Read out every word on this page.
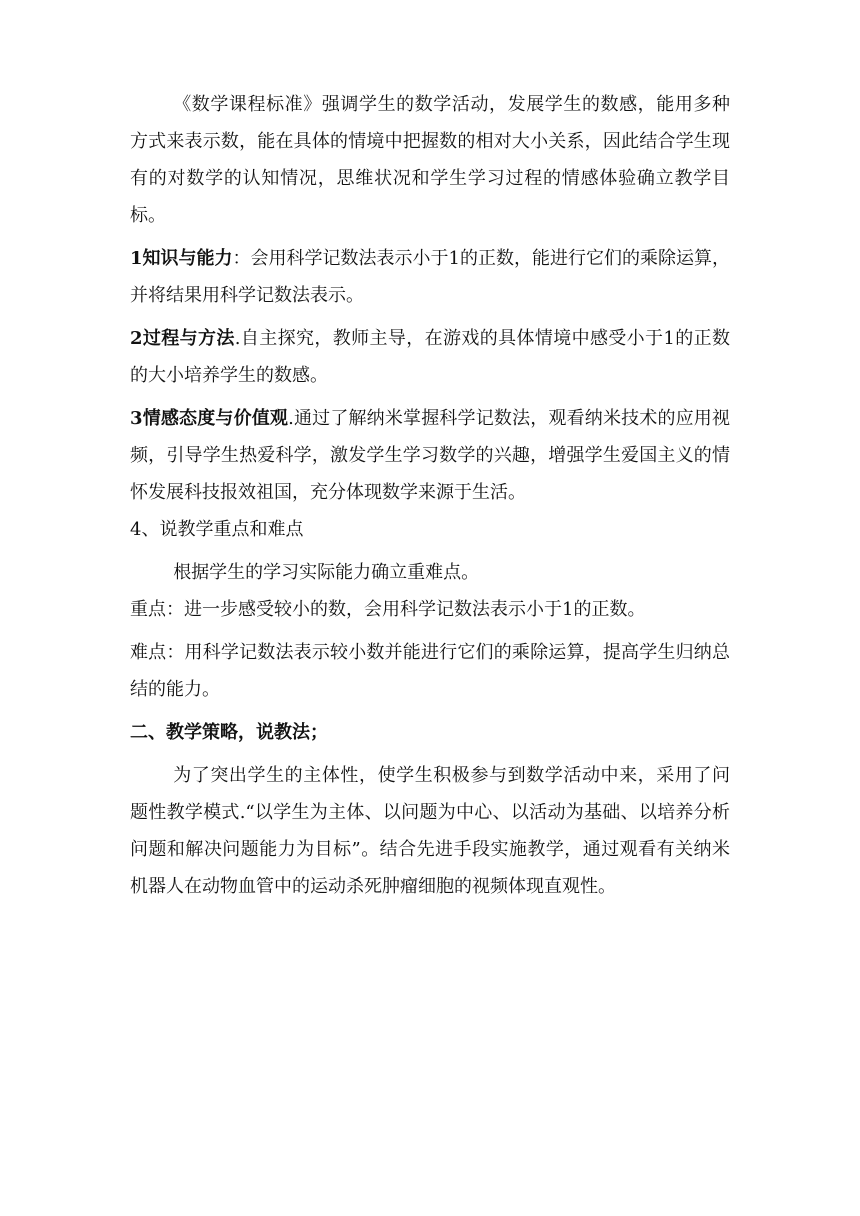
《数学课程标准》强调学生的数学活动，发展学生的数感，能用多种方式来表示数，能在具体的情境中把握数的相对大小关系，因此结合学生现有的对数学的认知情况，思维状况和学生学习过程的情感体验确立教学目标。

1知识与能力：会用科学记数法表示小于1的正数，能进行它们的乘除运算，并将结果用科学记数法表示。

2过程与方法.自主探究，教师主导，在游戏的具体情境中感受小于1的正数的大小培养学生的数感。

3情感态度与价值观.通过了解纳米掌握科学记数法，观看纳米技术的应用视频，引导学生热爱科学，激发学生学习数学的兴趣，增强学生爱国主义的情怀发展科技报效祖国，充分体现数学来源于生活。

4、说教学重点和难点

根据学生的学习实际能力确立重难点。

重点：进一步感受较小的数，会用科学记数法表示小于1的正数。

难点：用科学记数法表示较小数并能进行它们的乘除运算，提高学生归纳总结的能力。

二、教学策略，说教法；

为了突出学生的主体性，使学生积极参与到数学活动中来，采用了问题性教学模式.“以学生为主体、以问题为中心、以活动为基础、以培养分析问题和解决问题能力为目标”。结合先进手段实施教学，通过观看有关纳米机器人在动物血管中的运动杀死肿瘤细胞的视频体现直观性。
